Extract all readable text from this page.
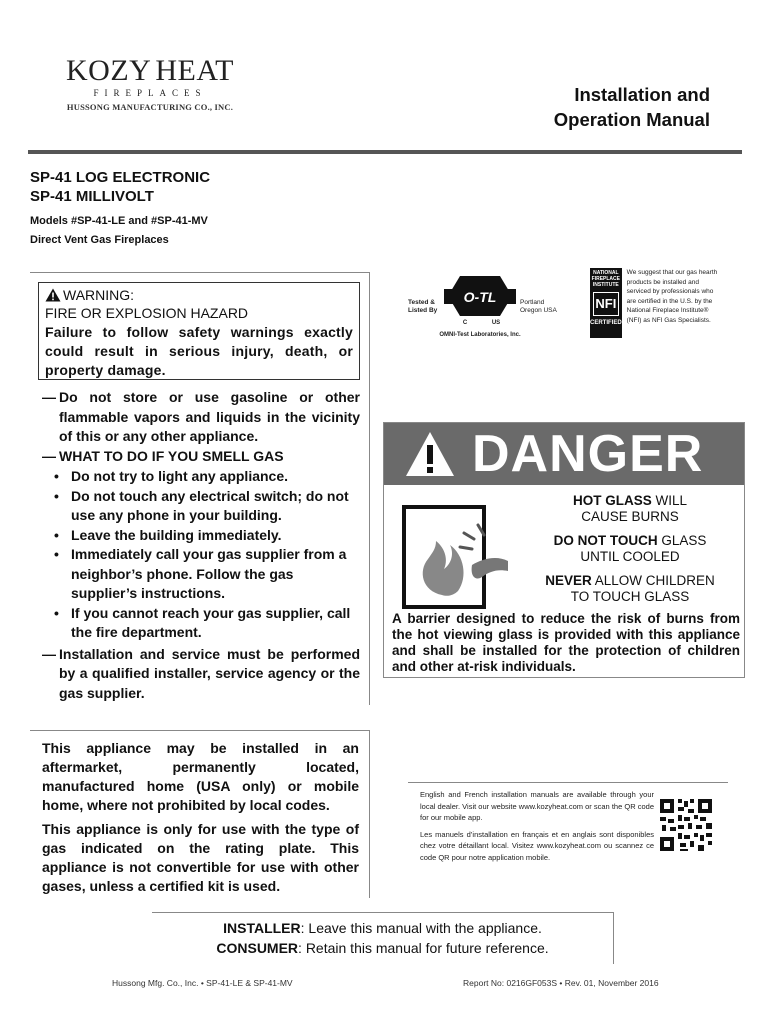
KOZY HEAT
FIREPLACES
HUSSONG MANUFACTURING CO., INC.
Installation and
Operation Manual
SP-41 LOG ELECTRONIC
SP-41 MILLIVOLT
Models #SP-41-LE and #SP-41-MV
Direct Vent Gas Fireplaces
WARNING:
FIRE OR EXPLOSION HAZARD
Failure to follow safety warnings exactly could result in serious injury, death, or property damage.
— Do not store or use gasoline or other flammable vapors and liquids in the vicinity of this or any other appliance.
— WHAT TO DO IF YOU SMELL GAS
• Do not try to light any appliance.
• Do not touch any electrical switch; do not use any phone in your building.
• Leave the building immediately.
• Immediately call your gas supplier from a neighbor’s phone. Follow the gas supplier’s instructions.
• If you cannot reach your gas supplier, call the fire department.
— Installation and service must be performed by a qualified installer, service agency or the gas supplier.

This appliance may be installed in an aftermarket, permanently located, manufactured home (USA only) or mobile home, where not prohibited by local codes.

This appliance is only for use with the type of gas indicated on the rating plate. This appliance is not convertible for use with other gases, unless a certified kit is used.

Tested &
Listed By
O-TL
C	US
Portland
Oregon USA
OMNI-Test Laboratories, Inc.
NATIONAL FIREPLACE INSTITUTE
NFI
CERTIFIED
We suggest that our gas hearth products be installed and serviced by professionals who are certified in the U.S. by the National Fireplace Institute® (NFI) as NFI Gas Specialists.
DANGER
HOT GLASS WILL
CAUSE BURNS
DO NOT TOUCH GLASS
UNTIL COOLED
NEVER ALLOW CHILDREN
TO TOUCH GLASS
A barrier designed to reduce the risk of burns from the hot viewing glass is provided with this appliance and shall be installed for the protection of children and other at-risk individuals.

English and French installation manuals are available through your local dealer. Visit our website www.kozyheat.com or scan the QR code for our mobile app.

Les manuels d’installation en français et en anglais sont disponibles chez votre détaillant local. Visitez www.kozyheat.com ou scannez ce code QR pour notre application mobile.

INSTALLER: Leave this manual with the appliance.
CONSUMER: Retain this manual for future reference.
Hussong Mfg. Co., Inc. • SP-41-LE & SP-41-MV	Report No: 0216GF053S • Rev. 01, November 2016
